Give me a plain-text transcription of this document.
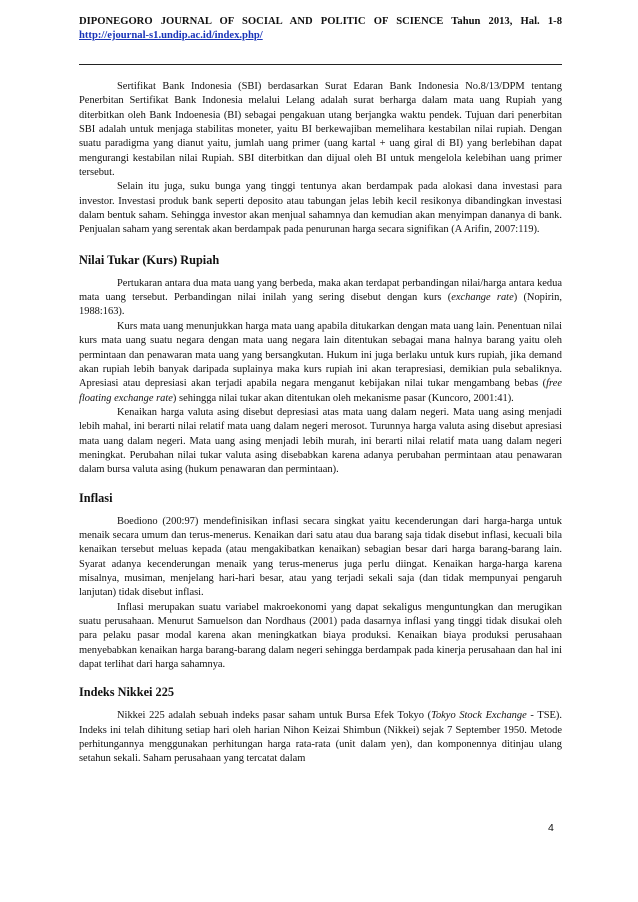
DIPONEGORO JOURNAL OF SOCIAL AND POLITIC OF SCIENCE Tahun 2013, Hal. 1-8
http://ejournal-s1.undip.ac.id/index.php/

Sertifikat Bank Indonesia (SBI) berdasarkan Surat Edaran Bank Indonesia No.8/13/DPM tentang Penerbitan Sertifikat Bank Indonesia melalui Lelang adalah surat berharga dalam mata uang Rupiah yang diterbitkan oleh Bank Indoenesia (BI) sebagai pengakuan utang berjangka waktu pendek. Tujuan dari penerbitan SBI adalah untuk menjaga stabilitas moneter, yaitu BI berkewajiban memelihara kestabilan nilai rupiah. Dengan suatu paradigma yang dianut yaitu, jumlah uang primer (uang kartal + uang giral di BI) yang berlebihan dapat mengurangi kestabilan nilai Rupiah. SBI diterbitkan dan dijual oleh BI untuk mengelola kelebihan uang primer tersebut.

Selain itu juga, suku bunga yang tinggi tentunya akan berdampak pada alokasi dana investasi para investor. Investasi produk bank seperti deposito atau tabungan jelas lebih kecil resikonya dibandingkan investasi dalam bentuk saham. Sehingga investor akan menjual sahamnya dan kemudian akan menyimpan dananya di bank. Penjualan saham yang serentak akan berdampak pada penurunan harga secara signifikan (A Arifin, 2007:119).

Nilai Tukar (Kurs) Rupiah

Pertukaran antara dua mata uang yang berbeda, maka akan terdapat perbandingan nilai/harga antara kedua mata uang tersebut. Perbandingan nilai inilah yang sering disebut dengan kurs (exchange rate) (Nopirin, 1988:163).

Kurs mata uang menunjukkan harga mata uang apabila ditukarkan dengan mata uang lain. Penentuan nilai kurs mata uang suatu negara dengan mata uang negara lain ditentukan sebagai mana halnya barang yaitu oleh permintaan dan penawaran mata uang yang bersangkutan. Hukum ini juga berlaku untuk kurs rupiah, jika demand akan rupiah lebih banyak daripada suplainya maka kurs rupiah ini akan terapresiasi, demikian pula sebaliknya. Apresiasi atau depresiasi akan terjadi apabila negara menganut kebijakan nilai tukar mengambang bebas (free floating exchange rate) sehingga nilai tukar akan ditentukan oleh mekanisme pasar (Kuncoro, 2001:41).

Kenaikan harga valuta asing disebut depresiasi atas mata uang dalam negeri. Mata uang asing menjadi lebih mahal, ini berarti nilai relatif mata uang dalam negeri merosot. Turunnya harga valuta asing disebut apresiasi mata uang dalam negeri. Mata uang asing menjadi lebih murah, ini berarti nilai relatif mata uang dalam negeri meningkat. Perubahan nilai tukar valuta asing disebabkan karena adanya perubahan permintaan atau penawaran dalam bursa valuta asing (hukum penawaran dan permintaan).

Inflasi

Boediono (200:97) mendefinisikan inflasi secara singkat yaitu kecenderungan dari harga-harga untuk menaik secara umum dan terus-menerus. Kenaikan dari satu atau dua barang saja tidak disebut inflasi, kecuali bila kenaikan tersebut meluas kepada (atau mengakibatkan kenaikan) sebagian besar dari harga barang-barang lain. Syarat adanya kecenderungan menaik yang terus-menerus juga perlu diingat. Kenaikan harga-harga karena misalnya, musiman, menjelang hari-hari besar, atau yang terjadi sekali saja (dan tidak mempunyai pengaruh lanjutan) tidak disebut inflasi.

Inflasi merupakan suatu variabel makroekonomi yang dapat sekaligus menguntungkan dan merugikan suatu perusahaan. Menurut Samuelson dan Nordhaus (2001) pada dasarnya inflasi yang tinggi tidak disukai oleh para pelaku pasar modal karena akan meningkatkan biaya produksi. Kenaikan biaya produksi perusahaan menyebabkan kenaikan harga barang-barang dalam negeri sehingga berdampak pada kinerja perusahaan dan hal ini dapat terlihat dari harga sahamnya.

Indeks Nikkei 225

Nikkei 225 adalah sebuah indeks pasar saham untuk Bursa Efek Tokyo (Tokyo Stock Exchange - TSE). Indeks ini telah dihitung setiap hari oleh harian Nihon Keizai Shimbun (Nikkei) sejak 7 September 1950. Metode perhitungannya menggunakan perhitungan harga rata-rata (unit dalam yen), dan komponennya ditinjau ulang setahun sekali. Saham perusahaan yang tercatat dalam

4
